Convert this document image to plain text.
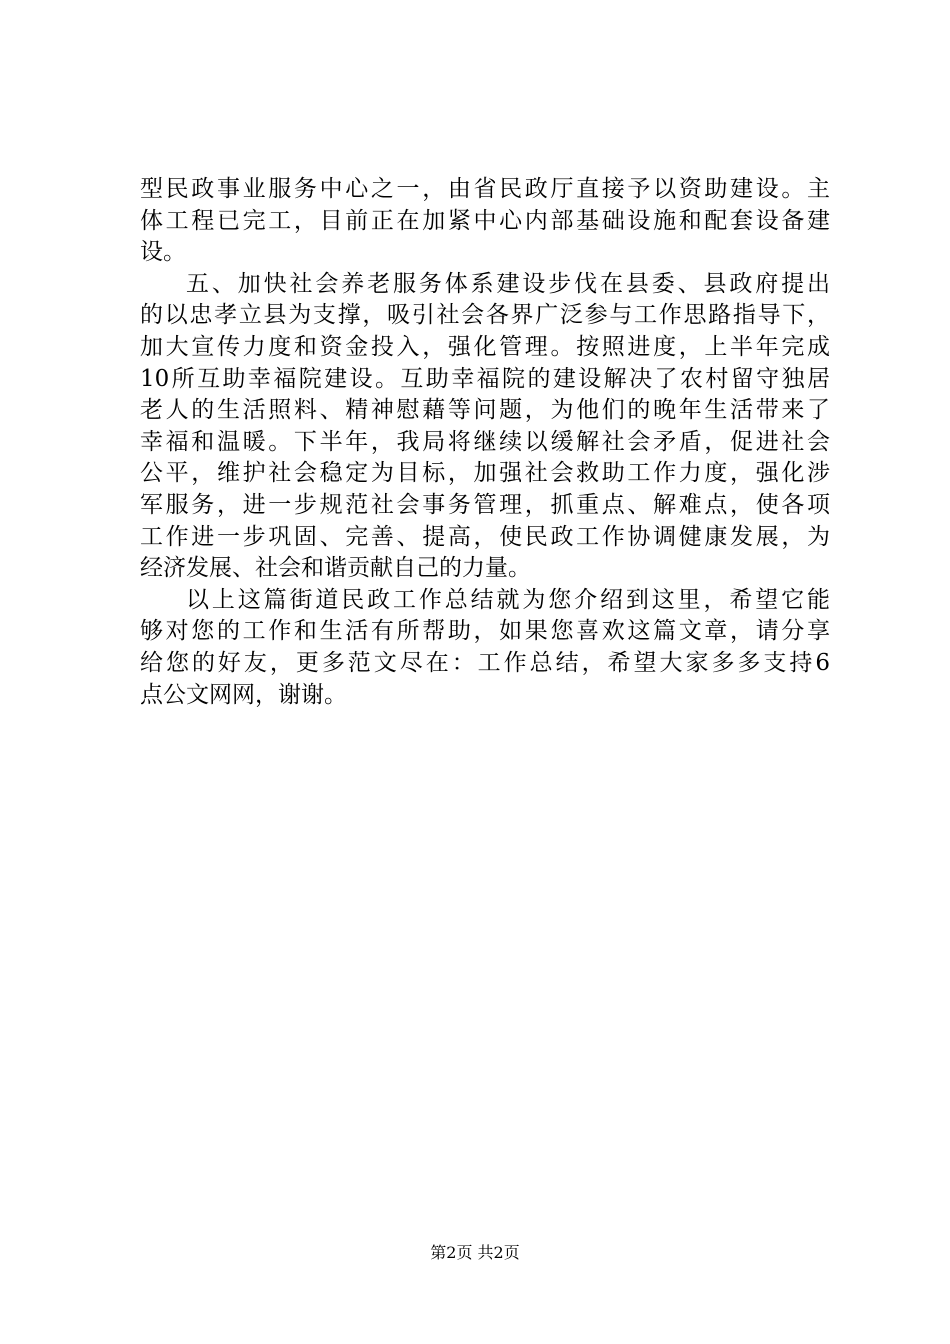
型民政事业服务中心之一，由省民政厅直接予以资助建设。主
体工程已完工，目前正在加紧中心内部基础设施和配套设备建
设。
五、加快社会养老服务体系建设步伐在县委、县政府提出
的以忠孝立县为支撑，吸引社会各界广泛参与工作思路指导下，
加大宣传力度和资金投入，强化管理。按照进度，上半年完成
10所互助幸福院建设。互助幸福院的建设解决了农村留守独居
老人的生活照料、精神慰藉等问题，为他们的晚年生活带来了
幸福和温暖。下半年，我局将继续以缓解社会矛盾，促进社会
公平，维护社会稳定为目标，加强社会救助工作力度，强化涉
军服务，进一步规范社会事务管理，抓重点、解难点，使各项
工作进一步巩固、完善、提高，使民政工作协调健康发展，为
经济发展、社会和谐贡献自己的力量。
以上这篇街道民政工作总结就为您介绍到这里，希望它能
够对您的工作和生活有所帮助，如果您喜欢这篇文章，请分享
给您的好友，更多范文尽在：工作总结，希望大家多多支持6
点公文网网，谢谢。
第2页 共2页
